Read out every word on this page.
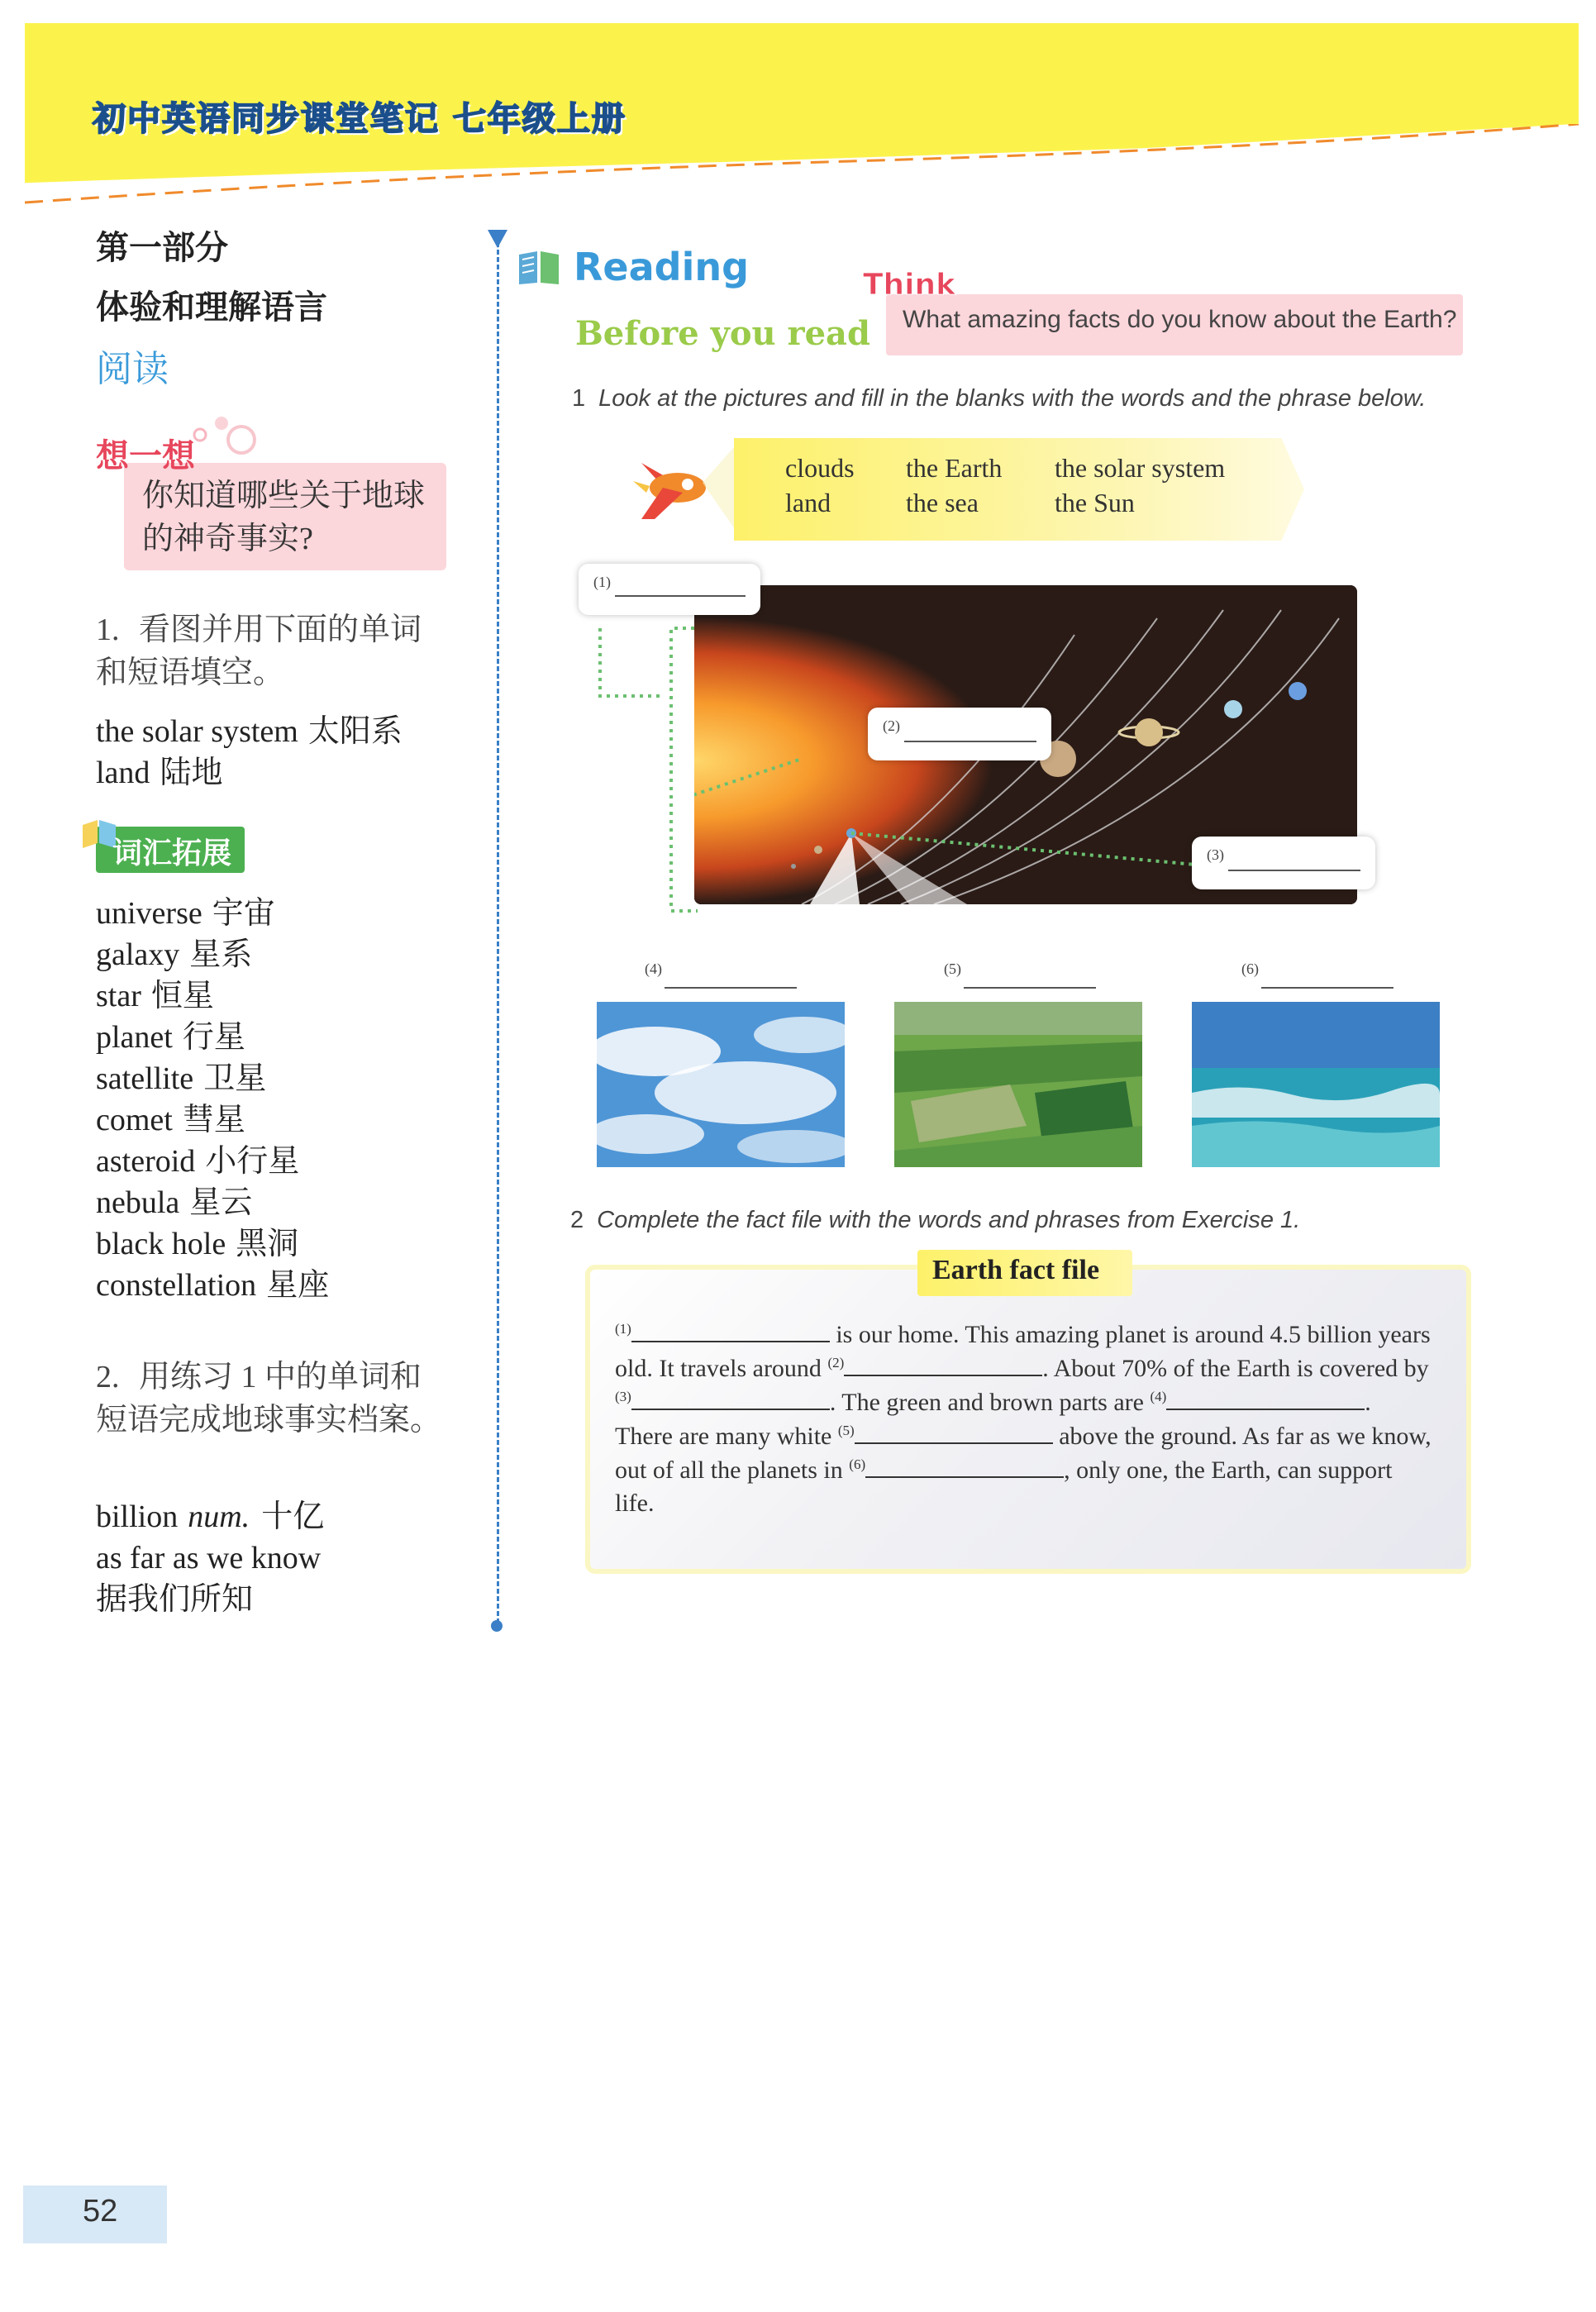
初中英语同步课堂笔记 七年级上册
第一部分
体验和理解语言
阅读
想一想
你知道哪些关于地球的神奇事实?
1. 看图并用下面的单词和短语填空。
the solar system 太阳系
land 陆地
词汇拓展
universe 宇宙
galaxy 星系
star 恒星
planet 行星
satellite 卫星
comet 彗星
asteroid 小行星
nebula 星云
black hole 黑洞
constellation 星座
2. 用练习 1 中的单词和短语完成地球事实档案。
billion num. 十亿
as far as we know
据我们所知
Reading
Before you read
Think
What amazing facts do you know about the Earth?
1 Look at the pictures and fill in the blanks with the words and the phrase below.
clouds the Earth the solar system
land	the sea	the Sun
(1)
(2)
(3)
(4)	(5)	(6)
2 Complete the fact file with the words and phrases from Exercise 1.
Earth fact file
$^{(1)}$	is our home. This amazing planet is around 4.5 billion years old. It travels around $^{(2)}$	. About 70% of the Earth is covered by $^{(3)}$	. The green and brown parts are $^{(4)}$	. There are many white $^{(5)}$	above the ground. As far as we know, out of all the planets in $^{(6)}$	, only one, the Earth, can support life.
52
